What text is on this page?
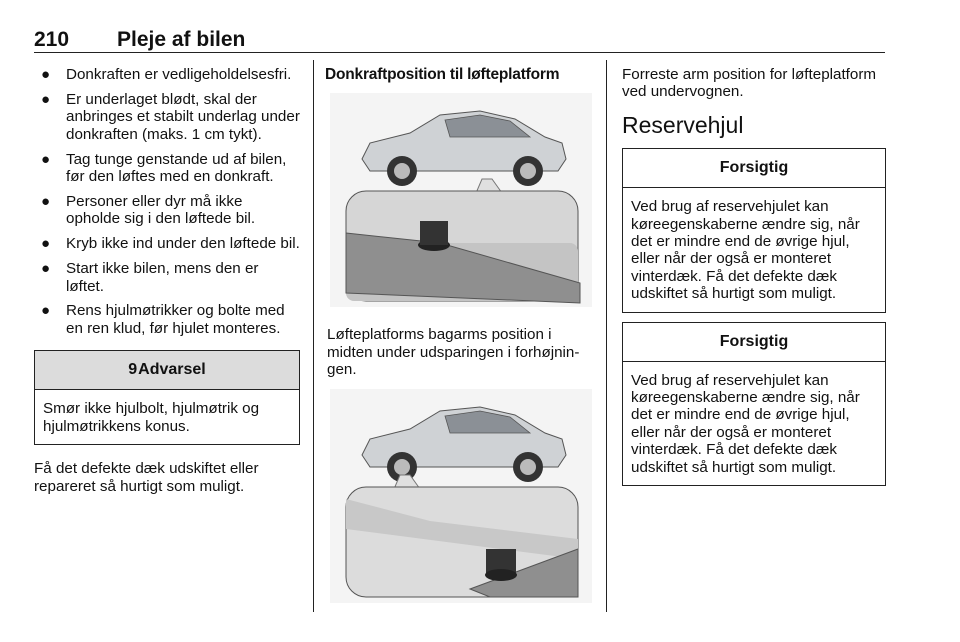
210 Pleje af bilen
● Donkraften er vedligeholdelsesfri.
● Er underlaget blødt, skal der anbringes et stabilt underlag under donkraften (maks. 1 cm tykt).
● Tag tunge genstande ud af bilen, før den løftes med en donkraft.
● Personer eller dyr må ikke opholde sig i den løftede bil.
● Kryb ikke ind under den løftede bil.
● Start ikke bilen, mens den er løftet.
● Rens hjulmøtrikker og bolte med en ren klud, før hjulet monteres.
9Advarsel
Smør ikke hjulbolt, hjulmøtrik og hjulmøtrikkens konus.
Få det defekte dæk udskiftet eller repareret så hurtigt som muligt.
Donkraftposition til løfteplatform
Løfteplatforms bagarms position i midten under udsparingen i forhøjningen.
Forreste arm position for løfteplatform ved undervognen.
Reservehjul
Forsigtig
Ved brug af reservehjulet kan køreegenskaberne ændre sig, når det er mindre end de øvrige hjul, eller når der også er monteret vinterdæk. Få det defekte dæk udskiftet så hurtigt som muligt.
Forsigtig
Ved brug af reservehjulet kan køreegenskaberne ændre sig, når det er mindre end de øvrige hjul, eller når der også er monteret vinterdæk. Få det defekte dæk udskiftet så hurtigt som muligt.
